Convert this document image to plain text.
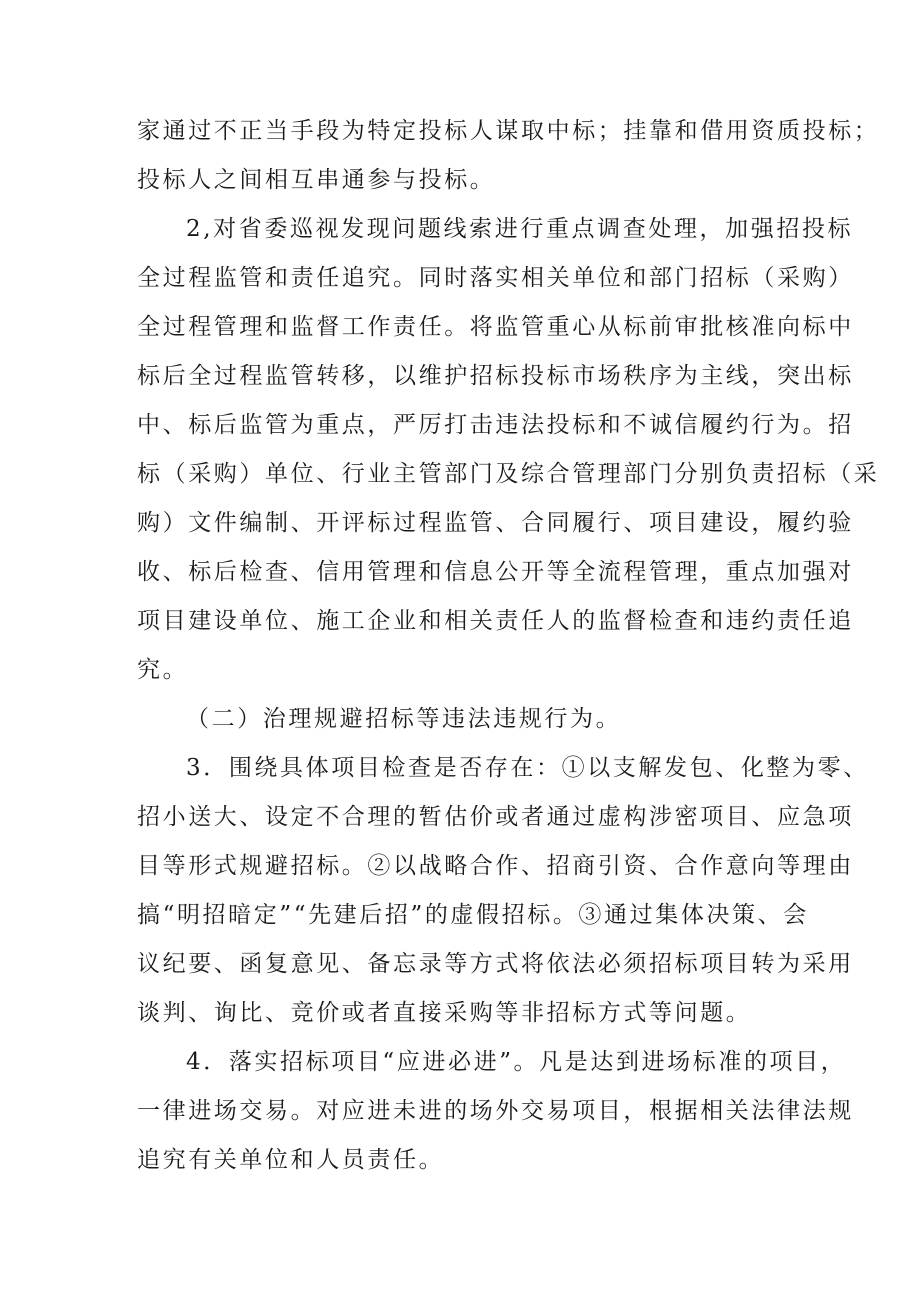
家通过不正当手段为特定投标人谋取中标；挂靠和借用资质投标；
投标人之间相互串通参与投标。
2,对省委巡视发现问题线索进行重点调查处理，加强招投标
全过程监管和责任追究。同时落实相关单位和部门招标（采购）
全过程管理和监督工作责任。将监管重心从标前审批核准向标中
标后全过程监管转移，以维护招标投标市场秩序为主线，突出标
中、标后监管为重点，严厉打击违法投标和不诚信履约行为。招
标（采购）单位、行业主管部门及综合管理部门分别负责招标（采
购）文件编制、开评标过程监管、合同履行、项目建设，履约验
收、标后检查、信用管理和信息公开等全流程管理，重点加强对
项目建设单位、施工企业和相关责任人的监督检查和违约责任追
究。
（二）治理规避招标等违法违规行为。
3．围绕具体项目检查是否存在：①以支解发包、化整为零、
招小送大、设定不合理的暂估价或者通过虚构涉密项目、应急项
目等形式规避招标。②以战略合作、招商引资、合作意向等理由
搞“明招暗定”“先建后招”的虚假招标。③通过集体决策、会
议纪要、函复意见、备忘录等方式将依法必须招标项目转为采用
谈判、询比、竞价或者直接采购等非招标方式等问题。
4．落实招标项目“应进必进”。凡是达到进场标准的项目，
一律进场交易。对应进未进的场外交易项目，根据相关法律法规
追究有关单位和人员责任。
